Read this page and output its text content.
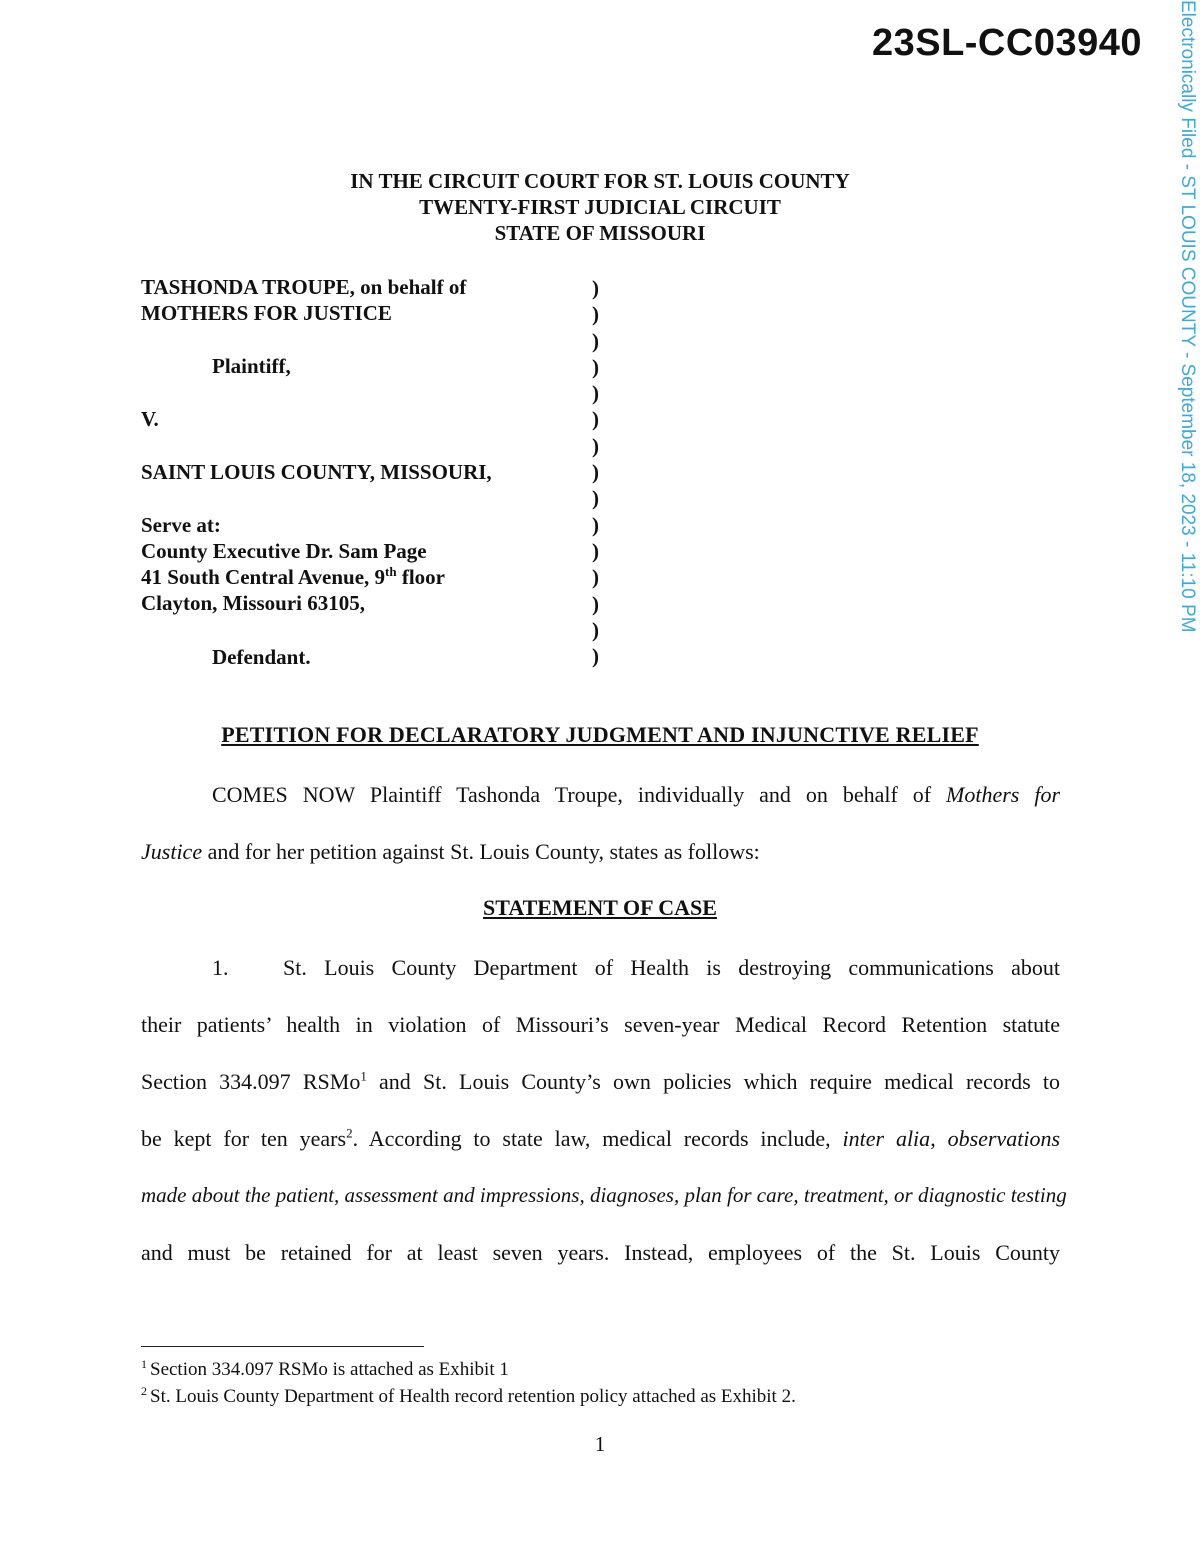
23SL-CC03940 Electronically Filed - ST LOUIS COUNTY - September 18, 2023 - 11:10 PM
IN THE CIRCUIT COURT FOR ST. LOUIS COUNTY
TWENTY-FIRST JUDICIAL CIRCUIT
STATE OF MISSOURI
TASHONDA TROUPE, on behalf of
MOTHERS FOR JUSTICE
Plaintiff,
V.
SAINT LOUIS COUNTY, MISSOURI,
Serve at:
County Executive Dr. Sam Page
41 South Central Avenue, 9th floor
Clayton, Missouri 63105,
Defendant.
)
)
)
)
)
)
)
)
)
)
)
)
)
)
)
PETITION FOR DECLARATORY JUDGMENT AND INJUNCTIVE RELIEF
COMES NOW Plaintiff Tashonda Troupe, individually and on behalf of Mothers for
Justice and for her petition against St. Louis County, states as follows:
STATEMENT OF CASE
1.	St. Louis County Department of Health is destroying communications about
their patients’ health in violation of Missouri’s seven-year Medical Record Retention statute
Section 334.097 RSMo$^1$ and St. Louis County’s own policies which require medical records to
be kept for ten years$^2$. According to state law, medical records include, inter alia, observations
made about the patient, assessment and impressions, diagnoses, plan for care, treatment, or diagnostic testing
and must be retained for at least seven years. Instead, employees of the St. Louis County
$^1$ Section 334.097 RSMo is attached as Exhibit 1
$^2$ St. Louis County Department of Health record retention policy attached as Exhibit 2.
1
